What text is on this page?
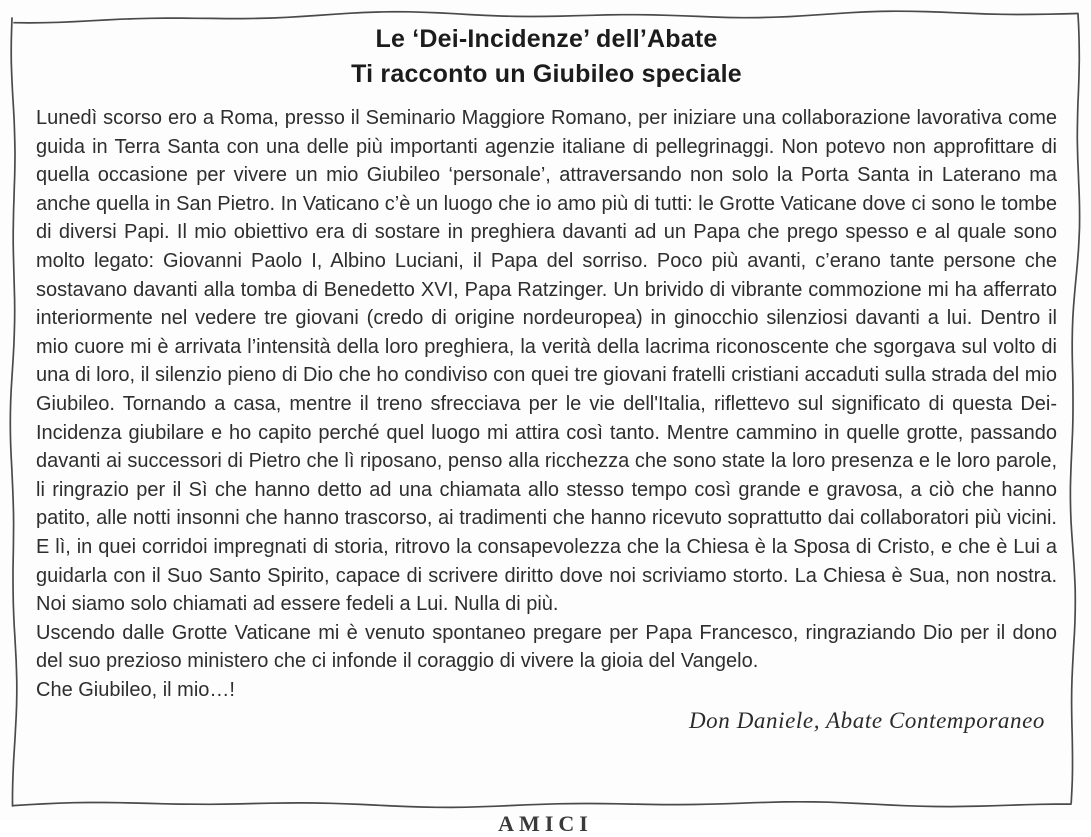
Le ‘Dei-Incidenze’ dell’Abate
Ti racconto un Giubileo speciale

Lunedì scorso ero a Roma, presso il Seminario Maggiore Romano, per iniziare una collaborazione lavorativa come guida in Terra Santa con una delle più importanti agenzie italiane di pellegrinaggi. Non potevo non approfittare di quella occasione per vivere un mio Giubileo ‘personale’, attraversando non solo la Porta Santa in Laterano ma anche quella in San Pietro. In Vaticano c’è un luogo che io amo più di tutti: le Grotte Vaticane dove ci sono le tombe di diversi Papi. Il mio obiettivo era di sostare in preghiera davanti ad un Papa che prego spesso e al quale sono molto legato: Giovanni Paolo I, Albino Luciani, il Papa del sorriso. Poco più avanti, c’erano tante persone che sostavano davanti alla tomba di Benedetto XVI, Papa Ratzinger. Un brivido di vibrante commozione mi ha afferrato interiormente nel vedere tre giovani (credo di origine nordeuropea) in ginocchio silenziosi davanti a lui. Dentro il mio cuore mi è arrivata l’intensità della loro preghiera, la verità della lacrima riconoscente che sgorgava sul volto di una di loro, il silenzio pieno di Dio che ho condiviso con quei tre giovani fratelli cristiani accaduti sulla strada del mio Giubileo. Tornando a casa, mentre il treno sfrecciava per le vie dell'Italia, riflettevo sul significato di questa Dei-Incidenza giubilare e ho capito perché quel luogo mi attira così tanto. Mentre cammino in quelle grotte, passando davanti ai successori di Pietro che lì riposano, penso alla ricchezza che sono state la loro presenza e le loro parole, li ringrazio per il Sì che hanno detto ad una chiamata allo stesso tempo così grande e gravosa, a ciò che hanno patito, alle notti insonni che hanno trascorso, ai tradimenti che hanno ricevuto soprattutto dai collaboratori più vicini. E lì, in quei corridoi impregnati di storia, ritrovo la consapevolezza che la Chiesa è la Sposa di Cristo, e che è Lui a guidarla con il Suo Santo Spirito, capace di scrivere diritto dove noi scriviamo storto. La Chiesa è Sua, non nostra. Noi siamo solo chiamati ad essere fedeli a Lui. Nulla di più.

Uscendo dalle Grotte Vaticane mi è venuto spontaneo pregare per Papa Francesco, ringraziando Dio per il dono del suo prezioso ministero che ci infonde il coraggio di vivere la gioia del Vangelo.

Che Giubileo, il mio…!

Don Daniele, Abate Contemporaneo
AMICI
